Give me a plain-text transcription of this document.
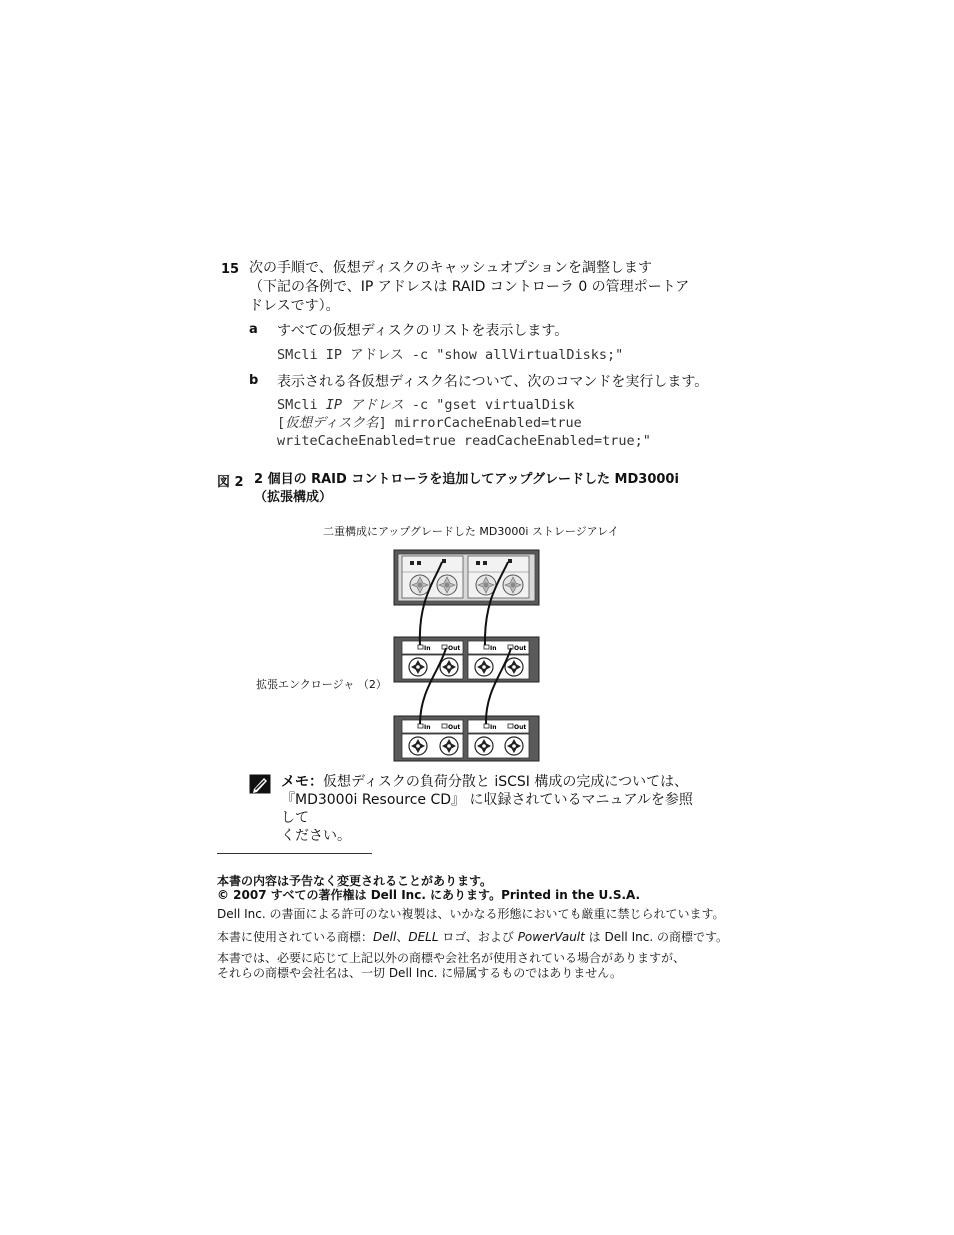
15 次の手順で、仮想ディスクのキャッシュオプションを調整します
（下記の各例で、IP アドレスは RAID コントローラ 0 の管理ポートア
ドレスです）。
a すべての仮想ディスクのリストを表示します。
SMcli IP アドレス -c "show allVirtualDisks;"
b 表示される各仮想ディスク名について、次のコマンドを実行します。
SMcli IP アドレス -c "gset virtualDisk
[仮想ディスク名] mirrorCacheEnabled=true
writeCacheEnabled=true readCacheEnabled=true;"
図 2 2 個目の RAID コントローラを追加してアップグレードした MD3000i
（拡張構成）
二重構成にアップグレードした MD3000i ストレージアレイ
拡張エンクロージャ （2）
In	Out	In	Out
In	Out	In	Out
メモ：仮想ディスクの負荷分散と iSCSI 構成の完成については、
『MD3000i Resource CD』 に収録されているマニュアルを参照して
ください。
本書の内容は予告なく変更されることがあります。
© 2007 すべての著作権は Dell Inc. にあります。Printed in the U.S.A.
Dell Inc. の書面による許可のない複製は、いかなる形態においても厳重に禁じられています。
本書に使用されている商標：Dell、DELL ロゴ、および PowerVault は Dell Inc. の商標です。
本書では、必要に応じて上記以外の商標や会社名が使用されている場合がありますが、
それらの商標や会社名は、一切 Dell Inc. に帰属するものではありません。
